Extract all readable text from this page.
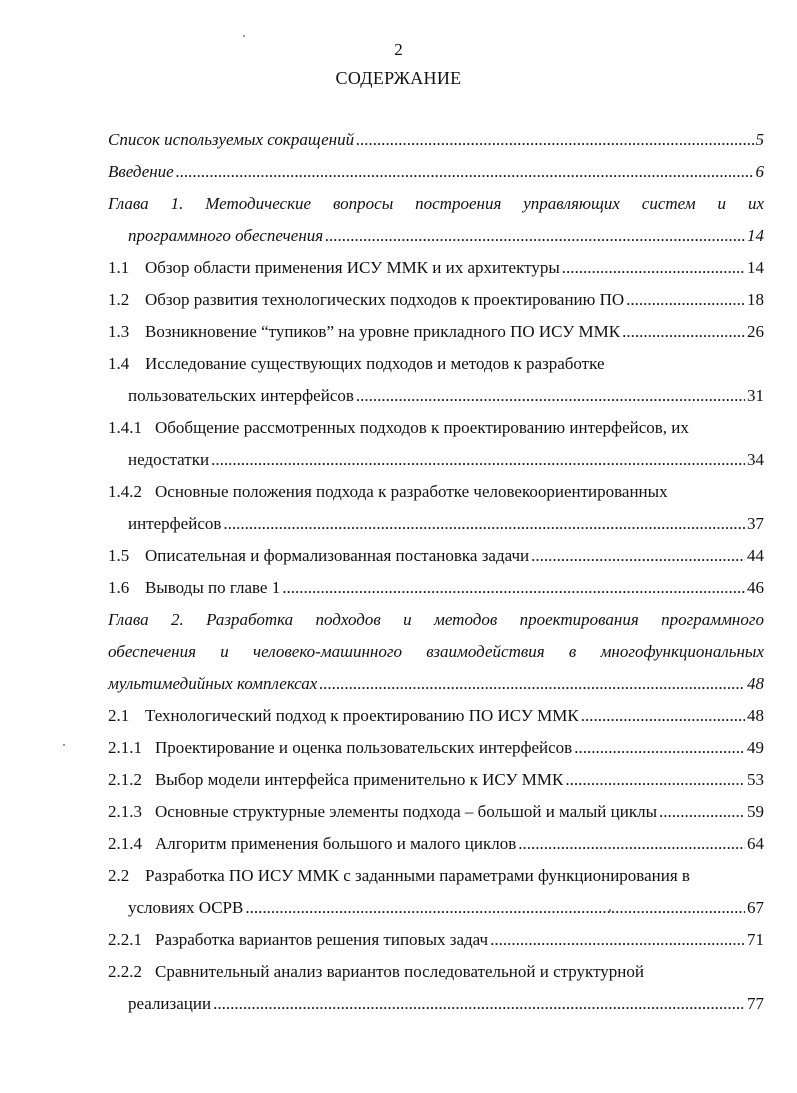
2
СОДЕРЖАНИЕ
Список используемых сокращений .....	5
Введение .....	6
Глава 1. Методические вопросы построения управляющих систем и их
программного обеспечения .....	14
1.1 Обзор области применения ИСУ ММК и их архитектуры .....	14
1.2 Обзор развития технологических подходов к проектированию ПО .....	18
1.3 Возникновение “тупиков” на уровне прикладного ПО ИСУ ММК .....	26
1.4 Исследование существующих подходов и методов к разработке
пользовательских интерфейсов .....	31
1.4.1 Обобщение рассмотренных подходов к проектированию интерфейсов, их
недостатки .....	34
1.4.2 Основные положения подхода к разработке человекоориентированных
интерфейсов .....	37
1.5 Описательная и формализованная постановка задачи .....	44
1.6 Выводы по главе 1 .....	46
Глава 2. Разработка подходов и методов проектирования программного
обеспечения и человеко-машинного взаимодействия в многофункциональных
мультимедийных комплексах .....	48
2.1 Технологический подход к проектированию ПО ИСУ ММК .....	48
2.1.1 Проектирование и оценка пользовательских интерфейсов .....	49
2.1.2 Выбор модели интерфейса применительно к ИСУ ММК .....	53
2.1.3 Основные структурные элементы подхода – большой и малый циклы .....	59
2.1.4 Алгоритм применения большого и малого циклов .....	64
2.2 Разработка ПО ИСУ ММК с заданными параметрами функционирования в
условиях ОСРВ .....	67
2.2.1 Разработка вариантов решения типовых задач .....	71
2.2.2 Сравнительный анализ вариантов последовательной и структурной
реализации .....	77
